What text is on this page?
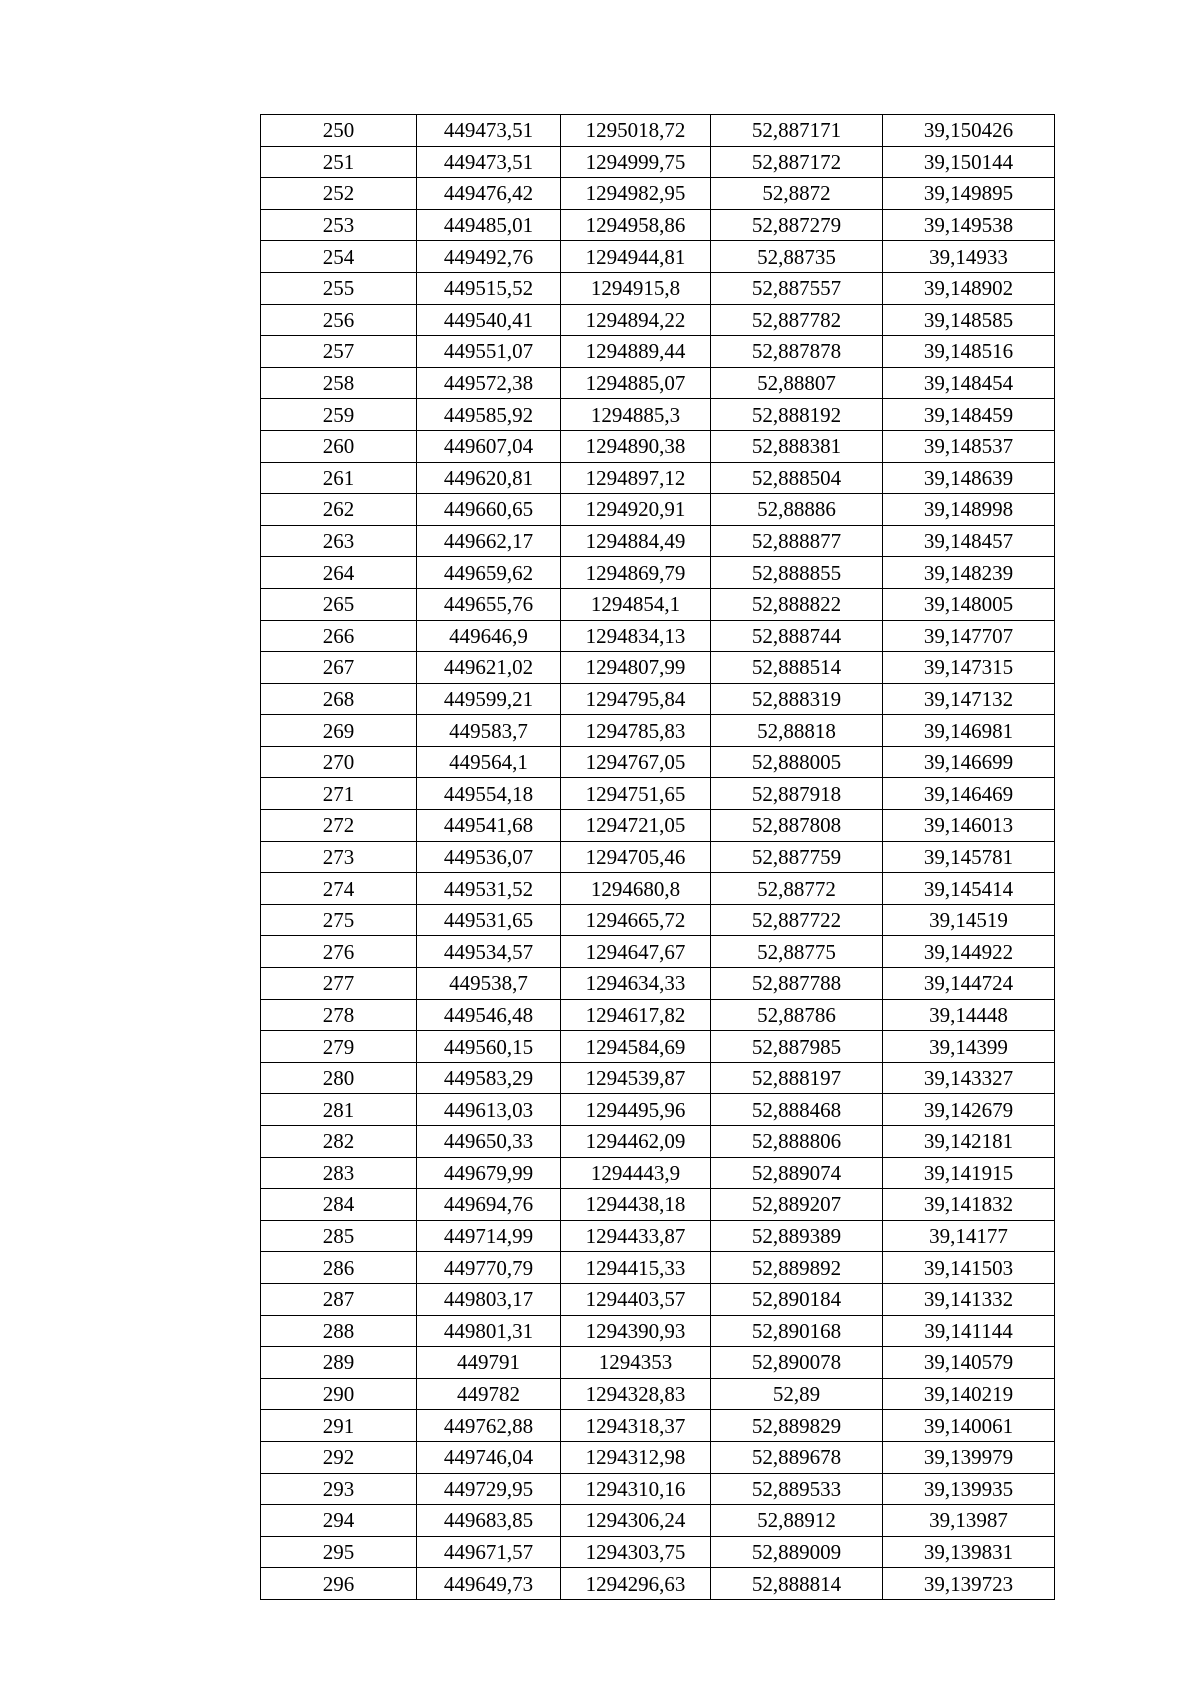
250	449473,51	1295018,72	52,887171	39,150426
251	449473,51	1294999,75	52,887172	39,150144
252	449476,42	1294982,95	52,8872	39,149895
253	449485,01	1294958,86	52,887279	39,149538
254	449492,76	1294944,81	52,88735	39,14933
255	449515,52	1294915,8	52,887557	39,148902
256	449540,41	1294894,22	52,887782	39,148585
257	449551,07	1294889,44	52,887878	39,148516
258	449572,38	1294885,07	52,88807	39,148454
259	449585,92	1294885,3	52,888192	39,148459
260	449607,04	1294890,38	52,888381	39,148537
261	449620,81	1294897,12	52,888504	39,148639
262	449660,65	1294920,91	52,88886	39,148998
263	449662,17	1294884,49	52,888877	39,148457
264	449659,62	1294869,79	52,888855	39,148239
265	449655,76	1294854,1	52,888822	39,148005
266	449646,9	1294834,13	52,888744	39,147707
267	449621,02	1294807,99	52,888514	39,147315
268	449599,21	1294795,84	52,888319	39,147132
269	449583,7	1294785,83	52,88818	39,146981
270	449564,1	1294767,05	52,888005	39,146699
271	449554,18	1294751,65	52,887918	39,146469
272	449541,68	1294721,05	52,887808	39,146013
273	449536,07	1294705,46	52,887759	39,145781
274	449531,52	1294680,8	52,88772	39,145414
275	449531,65	1294665,72	52,887722	39,14519
276	449534,57	1294647,67	52,88775	39,144922
277	449538,7	1294634,33	52,887788	39,144724
278	449546,48	1294617,82	52,88786	39,14448
279	449560,15	1294584,69	52,887985	39,14399
280	449583,29	1294539,87	52,888197	39,143327
281	449613,03	1294495,96	52,888468	39,142679
282	449650,33	1294462,09	52,888806	39,142181
283	449679,99	1294443,9	52,889074	39,141915
284	449694,76	1294438,18	52,889207	39,141832
285	449714,99	1294433,87	52,889389	39,14177
286	449770,79	1294415,33	52,889892	39,141503
287	449803,17	1294403,57	52,890184	39,141332
288	449801,31	1294390,93	52,890168	39,141144
289	449791	1294353	52,890078	39,140579
290	449782	1294328,83	52,89	39,140219
291	449762,88	1294318,37	52,889829	39,140061
292	449746,04	1294312,98	52,889678	39,139979
293	449729,95	1294310,16	52,889533	39,139935
294	449683,85	1294306,24	52,88912	39,13987
295	449671,57	1294303,75	52,889009	39,139831
296	449649,73	1294296,63	52,888814	39,139723
